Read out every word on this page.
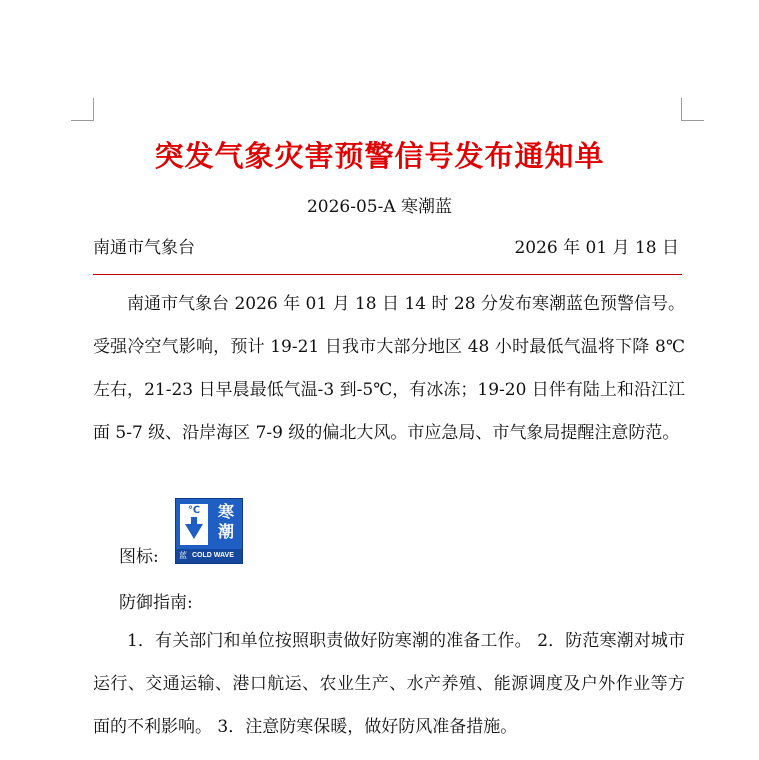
突发气象灾害预警信号发布通知单
2026-05-A 寒潮蓝
南通市气象台	2026 年 01 月 18 日

南通市气象台 2026 年 01 月 18 日 14 时 28 分发布寒潮蓝色预警信号。受强冷空气影响，预计 19-21 日我市大部分地区 48 小时最低气温将下降 8℃左右，21-23 日早晨最低气温-3 到-5℃，有冰冻；19-20 日伴有陆上和沿江江面 5-7 级、沿岸海区 7-9 级的偏北大风。市应急局、市气象局提醒注意防范。

图标:
℃	寒
潮
蓝 COLD WAVE
防御指南:

1．有关部门和单位按照职责做好防寒潮的准备工作。 2．防范寒潮对城市运行、交通运输、港口航运、农业生产、水产养殖、能源调度及户外作业等方面的不利影响。 3．注意防寒保暖，做好防风准备措施。
